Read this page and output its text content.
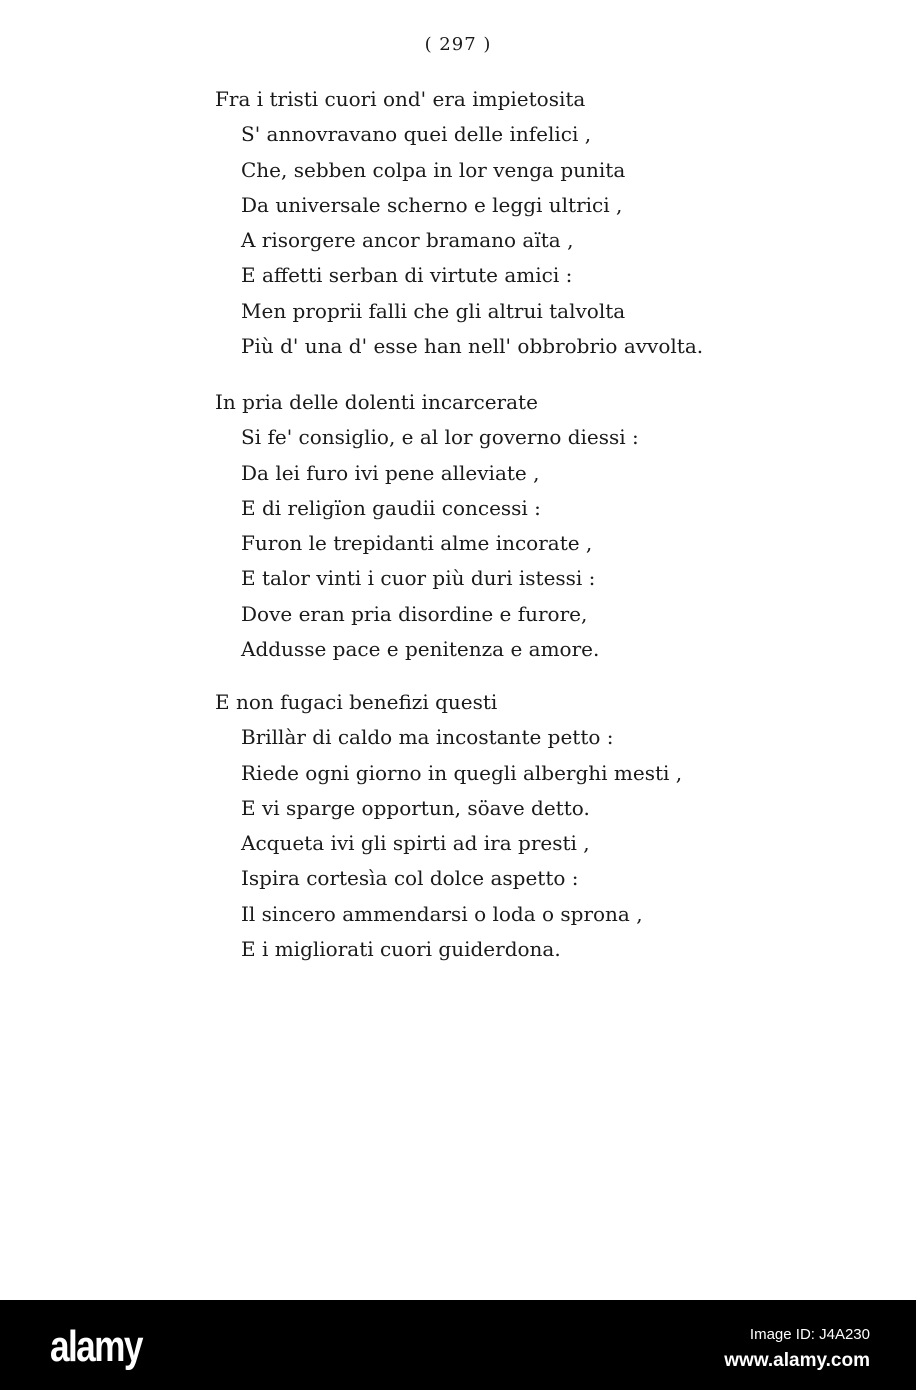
( 297 )
Fra i tristi cuori ond' era impietosita
S' annovravano quei delle infelici ,
Che, sebben colpa in lor venga punita
Da universale scherno e leggi ultrici ,
A risorgere ancor bramano aïta ,
E affetti serban di virtute amici :
Men proprii falli che gli altrui talvolta
Più d' una d' esse han nell' obbrobrio avvolta.
In pria delle dolenti incarcerate
Si fe' consiglio, e al lor governo diessi :
Da lei furo ivi pene alleviate ,
E di religïon gaudii concessi :
Furon le trepidanti alme incorate ,
E talor vinti i cuor più duri istessi :
Dove eran pria disordine e furore,
Addusse pace e penitenza e amore.
E non fugaci benefizi questi
Brillàr di caldo ma incostante petto :
Riede ogni giorno in quegli alberghi mesti ,
E vi sparge opportun, söave detto.
Acqueta ivi gli spirti ad ira presti ,
Ispira cortesìa col dolce aspetto :
Il sincero ammendarsi o loda o sprona ,
E i migliorati cuori guiderdona.
alamy	Image ID: J4A230
www.alamy.com
